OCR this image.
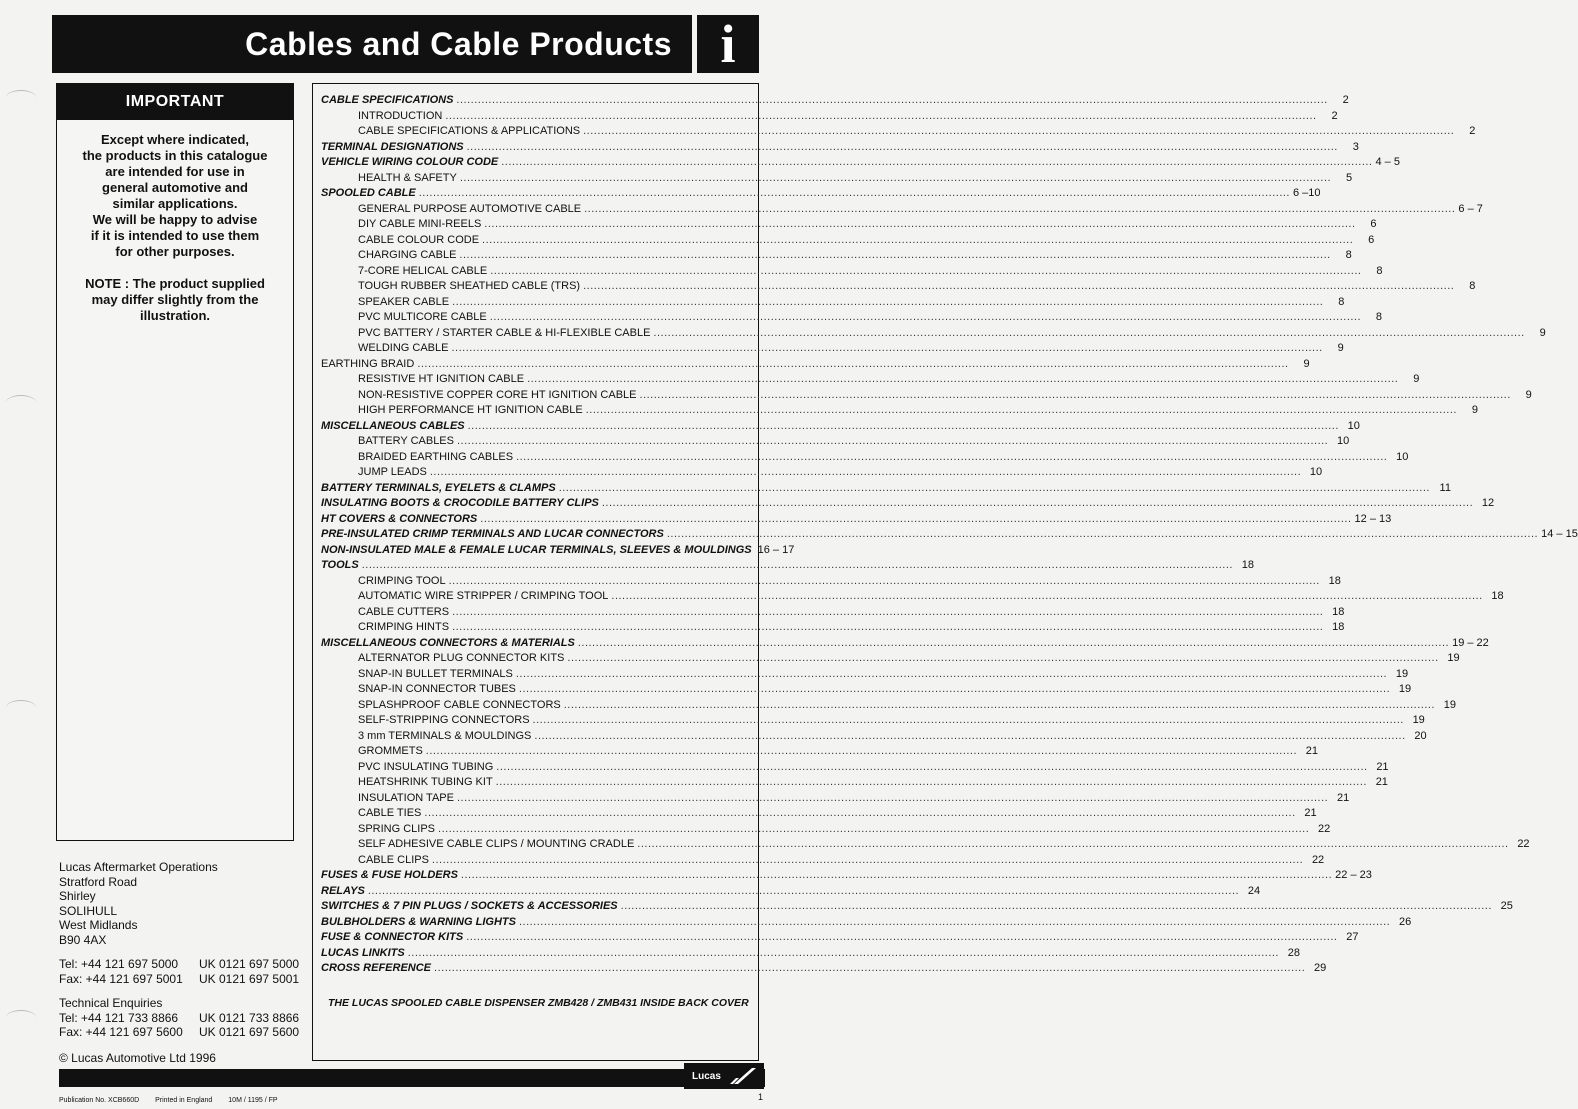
Cables and Cable Products i
IMPORTANT
Except where indicated,
the products in this catalogue
are intended for use in
general automotive and
similar applications.
We will be happy to advise
if it is intended to use them
for other purposes.
NOTE : The product supplied
may differ slightly from the
illustration.
Lucas Aftermarket Operations
Stratford Road
Shirley
SOLIHULL
West Midlands
B90 4AX
Tel: +44 121 697 5000	UK 0121 697 5000
Fax: +44 121 697 5001	UK 0121 697 5001
Technical Enquiries
Tel: +44 121 733 8866	UK 0121 733 8866
Fax: +44 121 697 5600	UK 0121 697 5600
© Lucas Automotive Ltd 1996
CABLE SPECIFICATIONS .....	2
INTRODUCTION .....	2
CABLE SPECIFICATIONS & APPLICATIONS .....	2
TERMINAL DESIGNATIONS .....	3
VEHICLE WIRING COLOUR CODE .....	4 – 5
HEALTH & SAFETY .....	5
SPOOLED CABLE .....	6 –10
GENERAL PURPOSE AUTOMOTIVE CABLE .....	6 – 7
DIY CABLE MINI-REELS .....	6
CABLE COLOUR CODE .....	6
CHARGING CABLE .....	8
7-CORE HELICAL CABLE .....	8
TOUGH RUBBER SHEATHED CABLE (TRS) .....	8
SPEAKER CABLE .....	8
PVC MULTICORE CABLE .....	8
PVC BATTERY / STARTER CABLE & HI-FLEXIBLE CABLE .....	9
WELDING CABLE .....	9
EARTHING BRAID .....	9
RESISTIVE HT IGNITION CABLE .....	9
NON-RESISTIVE COPPER CORE HT IGNITION CABLE .....	9
HIGH PERFORMANCE HT IGNITION CABLE .....	9
MISCELLANEOUS CABLES .....	10
BATTERY CABLES .....	10
BRAIDED EARTHING CABLES .....	10
JUMP LEADS .....	10
BATTERY TERMINALS, EYELETS & CLAMPS .....	11
INSULATING BOOTS & CROCODILE BATTERY CLIPS .....	12
HT COVERS & CONNECTORS .....	12 – 13
PRE-INSULATED CRIMP TERMINALS AND LUCAR CONNECTORS .....	14 – 15
NON-INSULATED MALE & FEMALE LUCAR TERMINALS, SLEEVES & MOULDINGS 16 – 17
TOOLS .....	18
CRIMPING TOOL .....	18
AUTOMATIC WIRE STRIPPER / CRIMPING TOOL .....	18
CABLE CUTTERS .....	18
CRIMPING HINTS .....	18
MISCELLANEOUS CONNECTORS & MATERIALS .....	19 – 22
ALTERNATOR PLUG CONNECTOR KITS .....	19
SNAP-IN BULLET TERMINALS .....	19
SNAP-IN CONNECTOR TUBES .....	19
SPLASHPROOF CABLE CONNECTORS .....	19
SELF-STRIPPING CONNECTORS .....	19
3 mm TERMINALS & MOULDINGS .....	20
GROMMETS .....	21
PVC INSULATING TUBING .....	21
HEATSHRINK TUBING KIT .....	21
INSULATION TAPE .....	21
CABLE TIES .....	21
SPRING CLIPS .....	22
SELF ADHESIVE CABLE CLIPS / MOUNTING CRADLE .....	22
CABLE CLIPS .....	22
FUSES & FUSE HOLDERS .....	22 – 23
RELAYS .....	24
SWITCHES & 7 PIN PLUGS / SOCKETS & ACCESSORIES .....	25
BULBHOLDERS & WARNING LIGHTS .....	26
FUSE & CONNECTOR KITS .....	27
LUCAS LINKITS .....	28
CROSS REFERENCE .....	29
THE LUCAS SPOOLED CABLE DISPENSER ZMB428 / ZMB431 INSIDE BACK COVER
Lucas
Publication No. XCB660D Printed in England 10M / 1195 / FP	1
